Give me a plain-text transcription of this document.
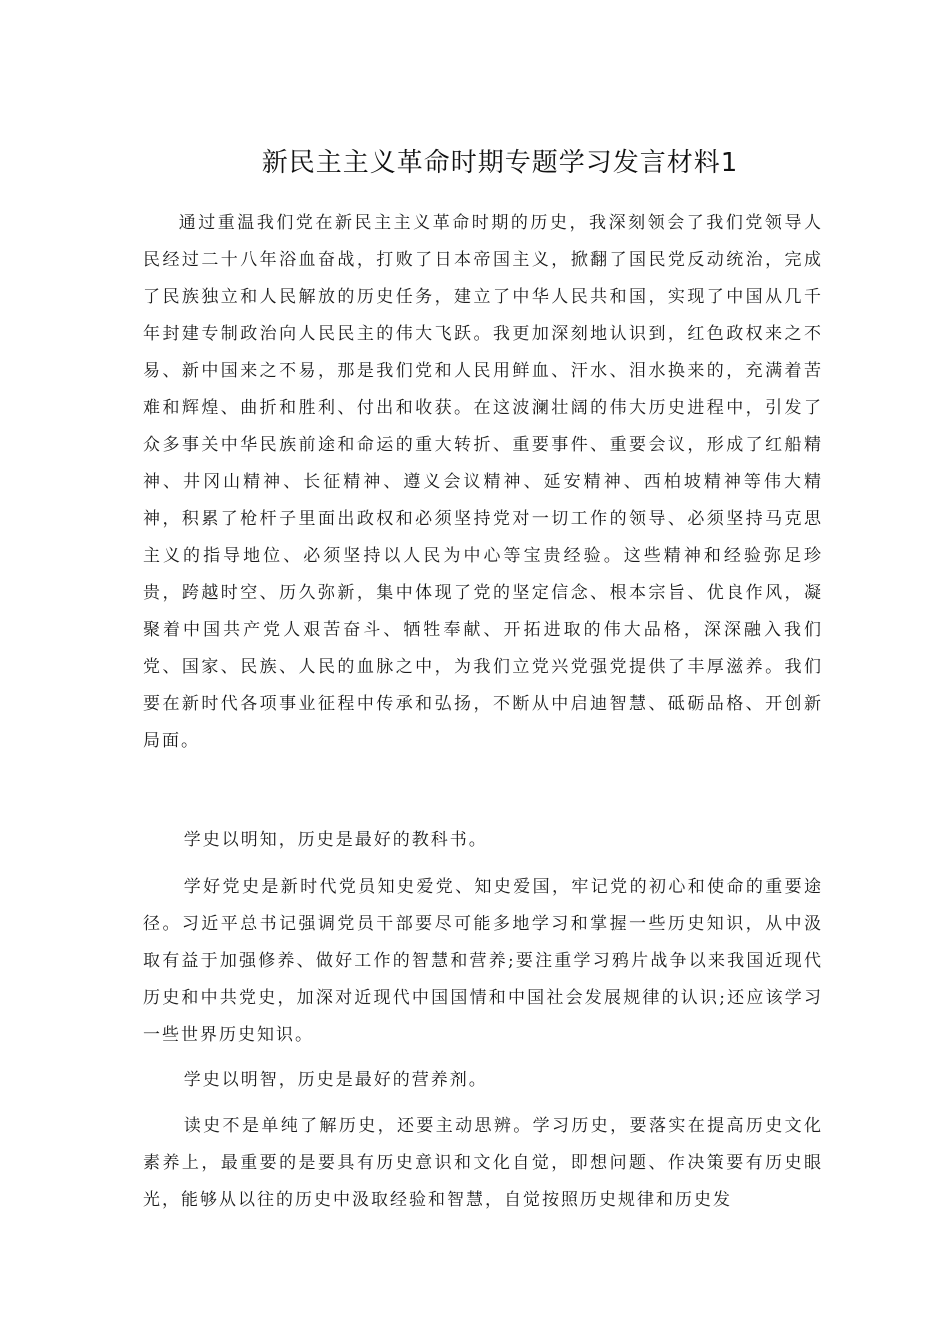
新民主主义革命时期专题学习发言材料1

通过重温我们党在新民主主义革命时期的历史，我深刻领会了我们党领导人民经过二十八年浴血奋战，打败了日本帝国主义，掀翻了国民党反动统治，完成了民族独立和人民解放的历史任务，建立了中华人民共和国，实现了中国从几千年封建专制政治向人民民主的伟大飞跃。我更加深刻地认识到，红色政权来之不易、新中国来之不易，那是我们党和人民用鲜血、汗水、泪水换来的，充满着苦难和辉煌、曲折和胜利、付出和收获。在这波澜壮阔的伟大历史进程中，引发了众多事关中华民族前途和命运的重大转折、重要事件、重要会议，形成了红船精神、井冈山精神、长征精神、遵义会议精神、延安精神、西柏坡精神等伟大精神，积累了枪杆子里面出政权和必须坚持党对一切工作的领导、必须坚持马克思主义的指导地位、必须坚持以人民为中心等宝贵经验。这些精神和经验弥足珍贵，跨越时空、历久弥新，集中体现了党的坚定信念、根本宗旨、优良作风，凝聚着中国共产党人艰苦奋斗、牺牲奉献、开拓进取的伟大品格，深深融入我们党、国家、民族、人民的血脉之中，为我们立党兴党强党提供了丰厚滋养。我们要在新时代各项事业征程中传承和弘扬，不断从中启迪智慧、砥砺品格、开创新局面。

学史以明知，历史是最好的教科书。

学好党史是新时代党员知史爱党、知史爱国，牢记党的初心和使命的重要途径。习近平总书记强调党员干部要尽可能多地学习和掌握一些历史知识，从中汲取有益于加强修养、做好工作的智慧和营养;要注重学习鸦片战争以来我国近现代历史和中共党史，加深对近现代中国国情和中国社会发展规律的认识;还应该学习一些世界历史知识。

学史以明智，历史是最好的营养剂。

读史不是单纯了解历史，还要主动思辨。学习历史，要落实在提高历史文化素养上，最重要的是要具有历史意识和文化自觉，即想问题、作决策要有历史眼光，能够从以往的历史中汲取经验和智慧，自觉按照历史规律和历史发
